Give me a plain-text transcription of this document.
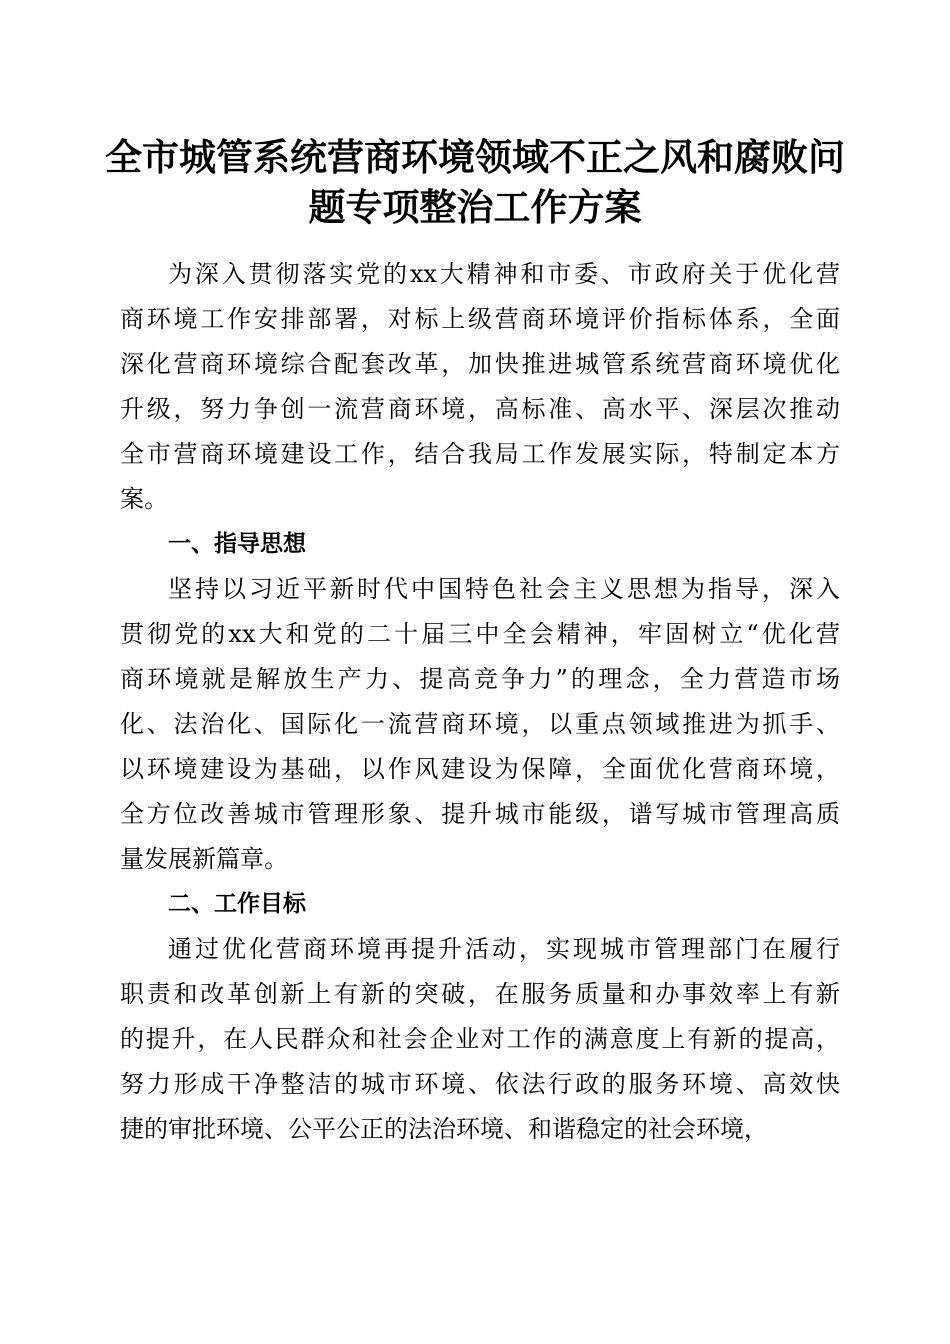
全市城管系统营商环境领域不正之风和腐败问
题专项整治工作方案

为深入贯彻落实党的xx大精神和市委、市政府关于优化营
商环境工作安排部署，对标上级营商环境评价指标体系，全面
深化营商环境综合配套改革，加快推进城管系统营商环境优化
升级，努力争创一流营商环境，高标准、高水平、深层次推动
全市营商环境建设工作，结合我局工作发展实际，特制定本方
案。

一、指导思想

坚持以习近平新时代中国特色社会主义思想为指导，深入
贯彻党的xx大和党的二十届三中全会精神，牢固树立“优化营
商环境就是解放生产力、提高竞争力”的理念，全力营造市场
化、法治化、国际化一流营商环境，以重点领域推进为抓手、
以环境建设为基础，以作风建设为保障，全面优化营商环境，
全方位改善城市管理形象、提升城市能级，谱写城市管理高质
量发展新篇章。

二、工作目标

通过优化营商环境再提升活动，实现城市管理部门在履行
职责和改革创新上有新的突破，在服务质量和办事效率上有新
的提升，在人民群众和社会企业对工作的满意度上有新的提高，
努力形成干净整洁的城市环境、依法行政的服务环境、高效快
捷的审批环境、公平公正的法治环境、和谐稳定的社会环境，
